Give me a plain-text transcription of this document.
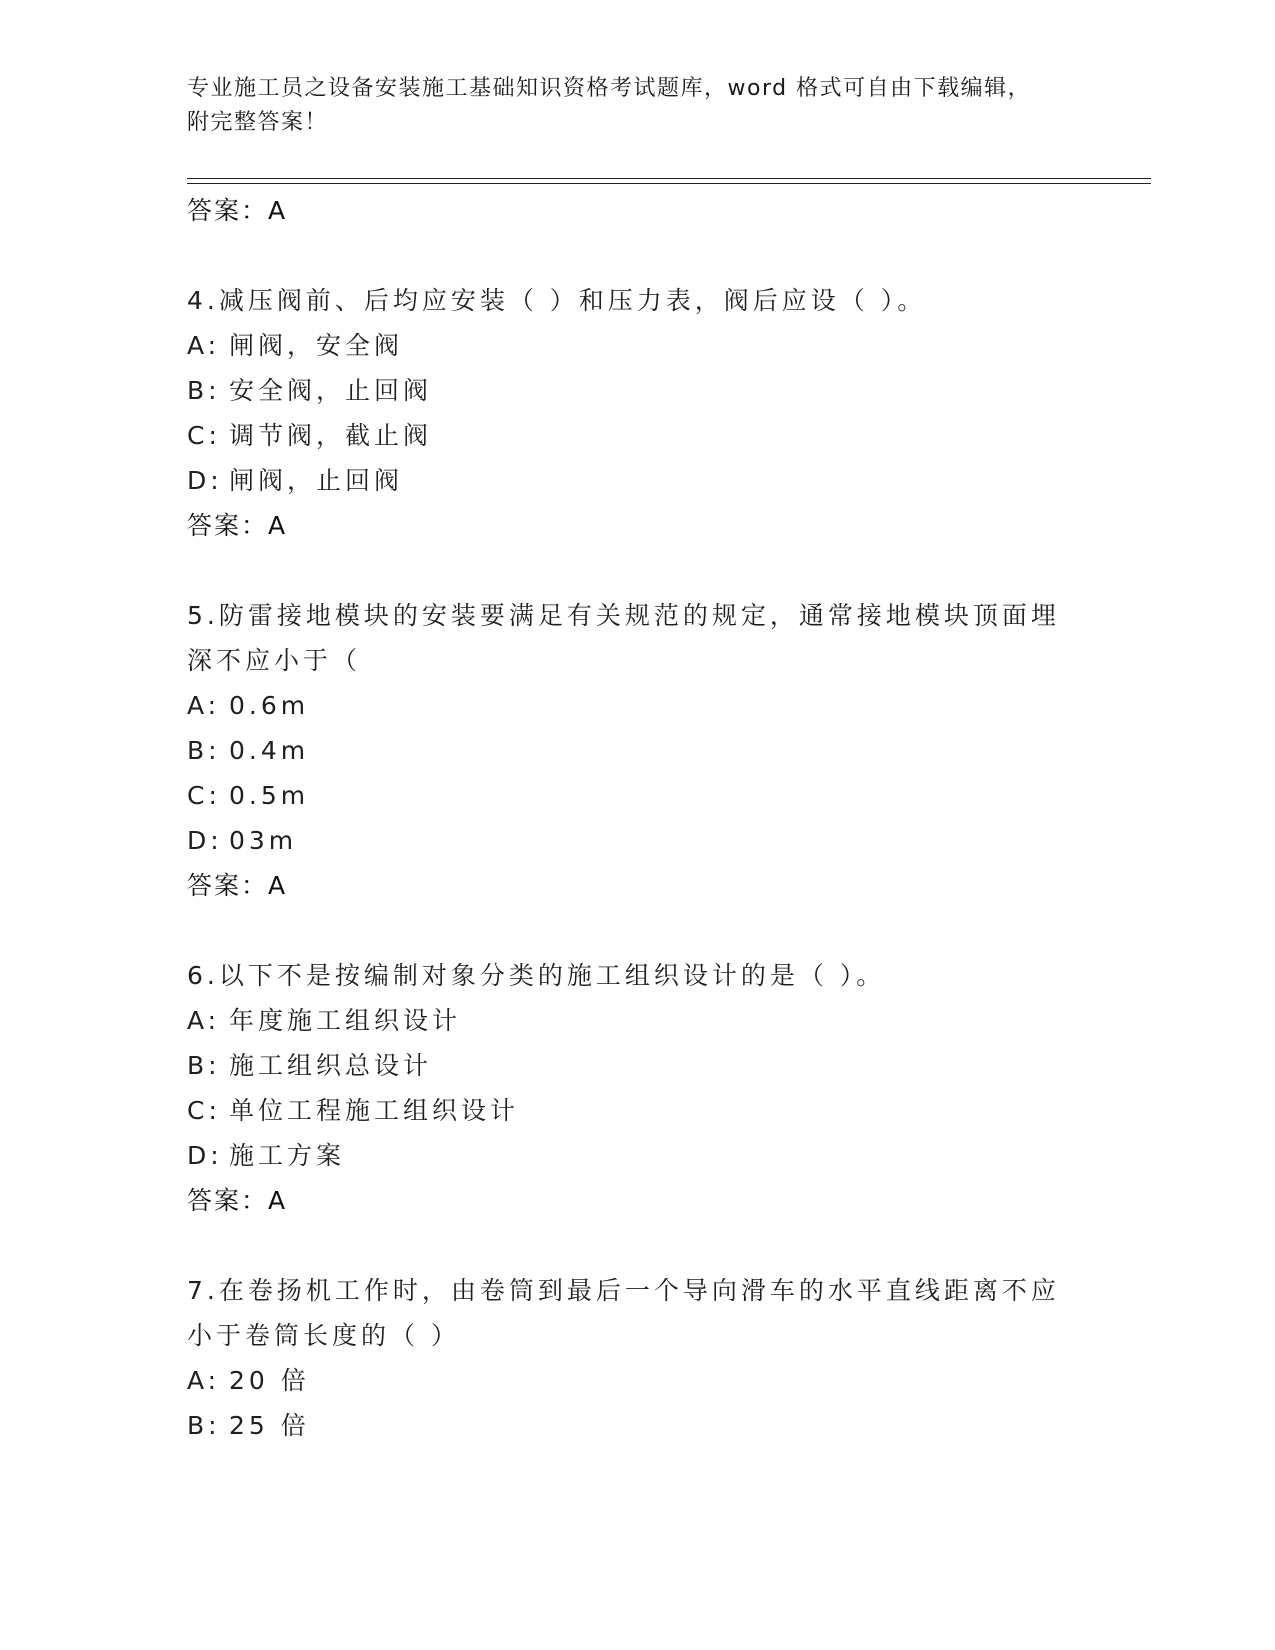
专业施工员之设备安装施工基础知识资格考试题库，word 格式可自由下载编辑，
附完整答案！
答案：A
4.减压阀前、后均应安装（ ）和压力表，阀后应设（ ）。
A: 闸阀，安全阀
B: 安全阀，止回阀
C: 调节阀，截止阀
D: 闸阀，止回阀
答案：A
5.防雷接地模块的安装要满足有关规范的规定，通常接地模块顶面埋
深不应小于（
A: 0.6m
B: 0.4m
C: 0.5m
D: 03m
答案：A
6.以下不是按编制对象分类的施工组织设计的是（ ）。
A: 年度施工组织设计
B: 施工组织总设计
C: 单位工程施工组织设计
D: 施工方案
答案：A
7.在卷扬机工作时，由卷筒到最后一个导向滑车的水平直线距离不应
小于卷筒长度的（ ）
A: 20 倍
B: 25 倍
